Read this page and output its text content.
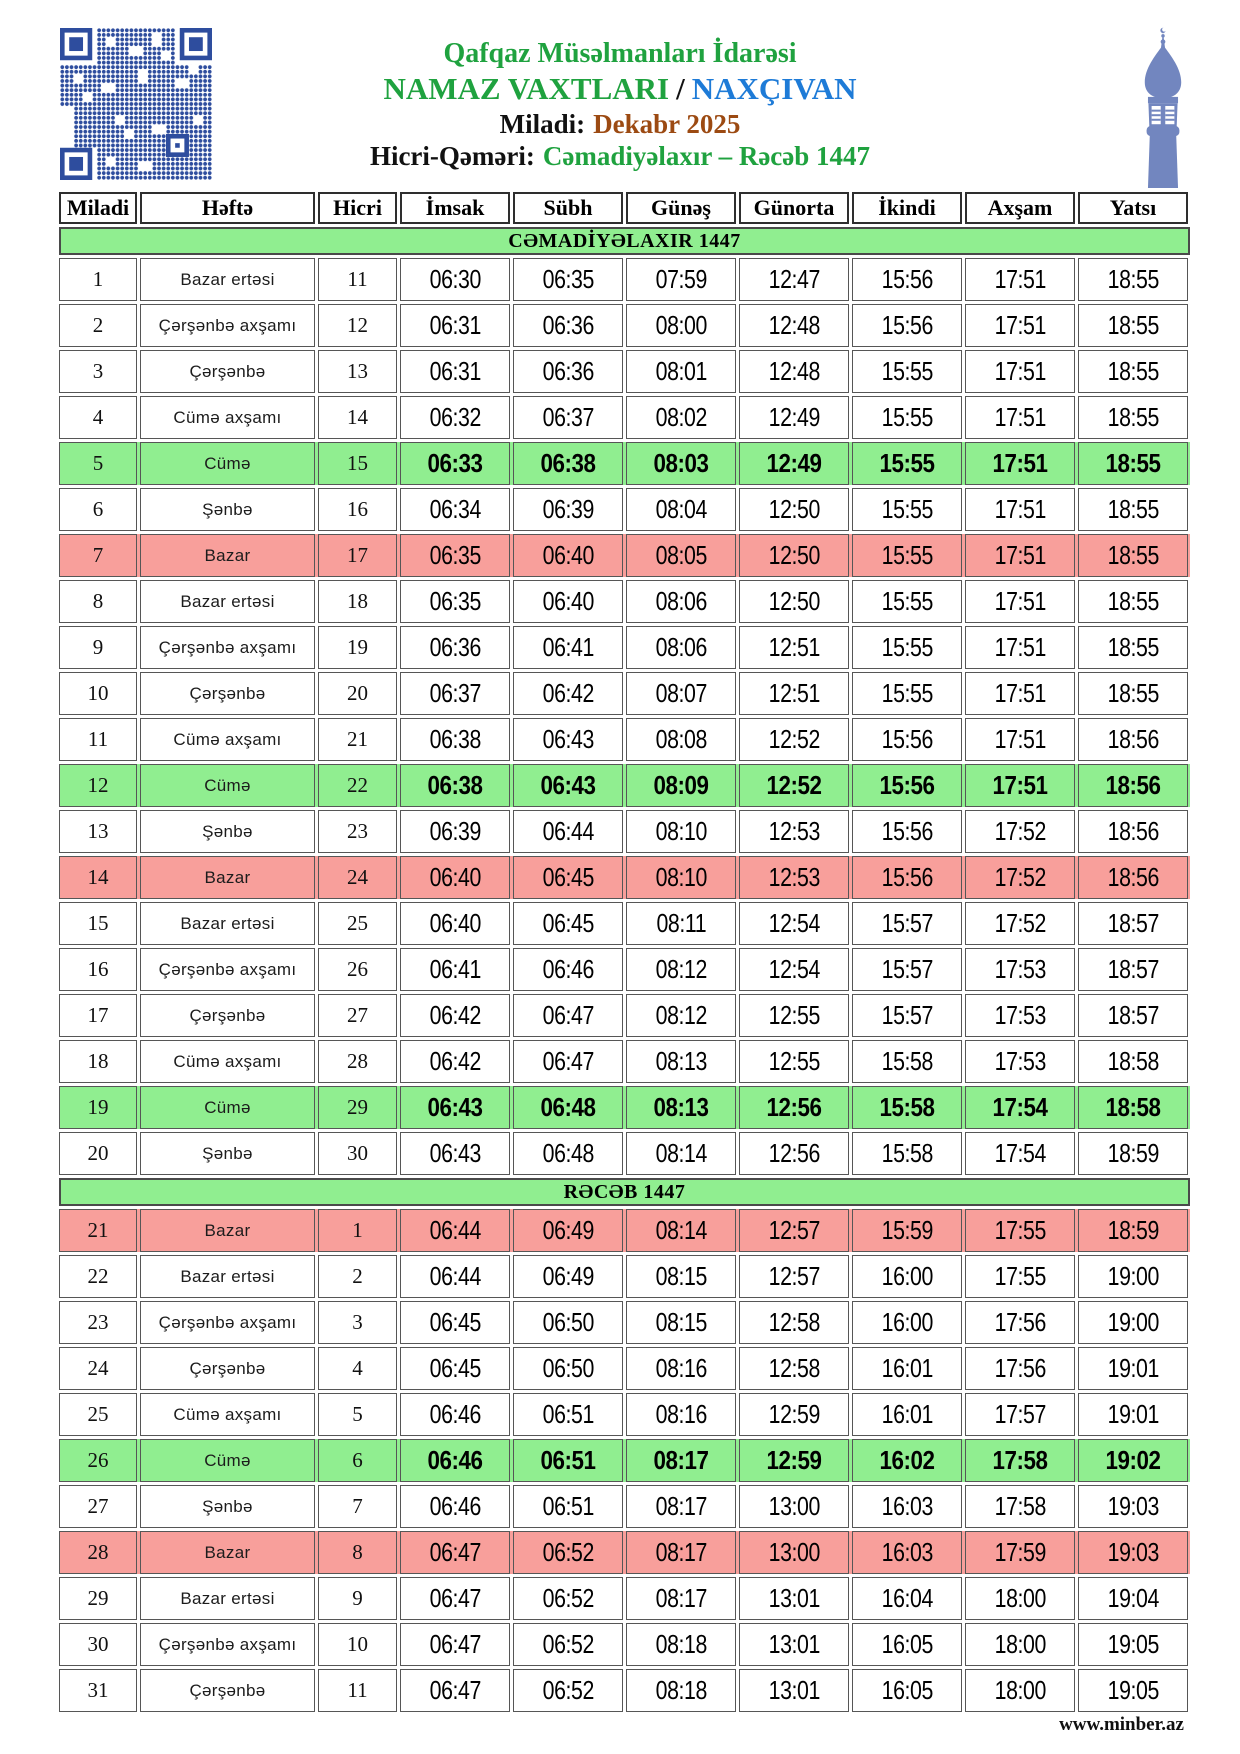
Qafqaz Müsəlmanları İdarəsi
NAMAZ VAXTLARI / NAXÇIVAN
Miladi: Dekabr 2025
Hicri-Qəməri: Cəmadiyəlaxır – Rəcəb 1447
Miladi	Həftə	Hicri	İmsak	Sübh	Günəş	Günorta	İkindi	Axşam	Yatsı
CƏMADİYƏLAXIR 1447
1	Bazar ertəsi	11	06:30 06:35 07:59 12:47 15:56 17:51 18:55
2	Çərşənbə axşamı	12	06:31 06:36 08:00 12:48 15:56 17:51 18:55
3	Çərşənbə	13	06:31 06:36 08:01 12:48 15:55 17:51 18:55
4	Cümə axşamı	14	06:32 06:37 08:02 12:49 15:55 17:51 18:55
5	Cümə	15	06:33 06:38 08:03 12:49 15:55 17:51 18:55
6	Şənbə	16	06:34 06:39 08:04 12:50 15:55 17:51 18:55
7	Bazar	17	06:35 06:40 08:05 12:50 15:55 17:51 18:55
8	Bazar ertəsi	18	06:35 06:40 08:06 12:50 15:55 17:51 18:55
9	Çərşənbə axşamı	19	06:36 06:41 08:06 12:51 15:55 17:51 18:55
10	Çərşənbə	20	06:37 06:42 08:07 12:51 15:55 17:51 18:55
11	Cümə axşamı	21	06:38 06:43 08:08 12:52 15:56 17:51 18:56
12	Cümə	22	06:38 06:43 08:09 12:52 15:56 17:51 18:56
13	Şənbə	23	06:39 06:44 08:10 12:53 15:56 17:52 18:56
14	Bazar	24	06:40 06:45 08:10 12:53 15:56 17:52 18:56
15	Bazar ertəsi	25	06:40 06:45 08:11 12:54 15:57 17:52 18:57
16	Çərşənbə axşamı	26	06:41 06:46 08:12 12:54 15:57 17:53 18:57
17	Çərşənbə	27	06:42 06:47 08:12 12:55 15:57 17:53 18:57
18	Cümə axşamı	28	06:42 06:47 08:13 12:55 15:58 17:53 18:58
19	Cümə	29	06:43 06:48 08:13 12:56 15:58 17:54 18:58
20	Şənbə	30	06:43 06:48 08:14 12:56 15:58 17:54 18:59
RƏCƏB 1447
21	Bazar	1	06:44 06:49 08:14 12:57 15:59 17:55 18:59
22	Bazar ertəsi	2	06:44 06:49 08:15 12:57 16:00 17:55 19:00
23	Çərşənbə axşamı	3	06:45 06:50 08:15 12:58 16:00 17:56 19:00
24	Çərşənbə	4	06:45 06:50 08:16 12:58 16:01 17:56 19:01
25	Cümə axşamı	5	06:46 06:51 08:16 12:59 16:01 17:57 19:01
26	Cümə	6	06:46 06:51 08:17 12:59 16:02 17:58 19:02
27	Şənbə	7	06:46 06:51 08:17 13:00 16:03 17:58 19:03
28	Bazar	8	06:47 06:52 08:17 13:00 16:03 17:59 19:03
29	Bazar ertəsi	9	06:47 06:52 08:17 13:01 16:04 18:00 19:04
30	Çərşənbə axşamı	10	06:47 06:52 08:18 13:01 16:05 18:00 19:05
31	Çərşənbə	11	06:47 06:52 08:18 13:01 16:05 18:00 19:05
www.minber.az
